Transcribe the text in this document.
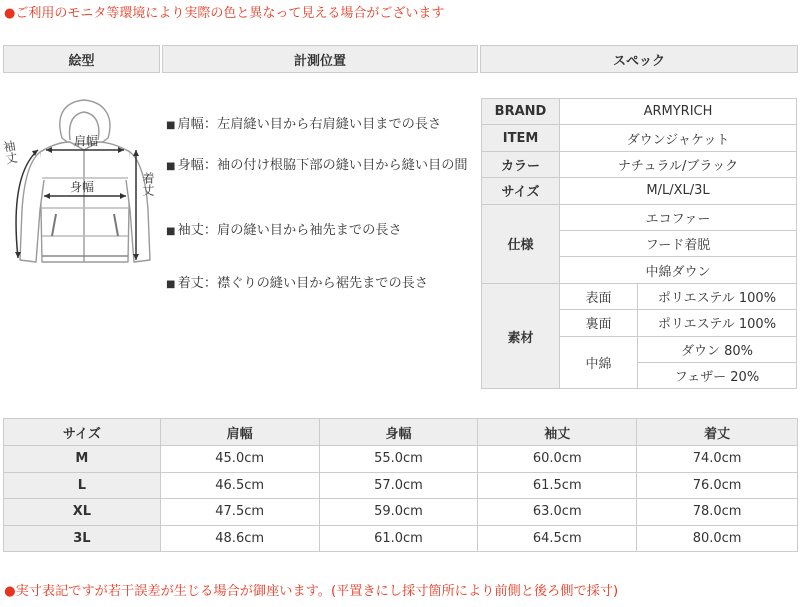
●ご利用のモニタ等環境により実際の色と異なって見える場合がございます
絵型	計測位置	スペック
肩幅
身幅
袖丈
着丈
■ 肩幅：左肩縫い目から右肩縫い目までの長さ
■ 身幅：袖の付け根脇下部の縫い目から縫い目の間
■ 袖丈：肩の縫い目から袖先までの長さ
■ 着丈：襟ぐりの縫い目から裾先までの長さ
BRAND	ARMYRICH	
ITEM	ダウンジャケット	
カラー	ナチュラル/ブラック	
サイズ	M/L/XL/3L	
仕様	エコファー	
	フード着脱	
	中綿ダウン	
素材	表面	ポリエステル 100%
	裏面	ポリエステル 100%
	中綿	ダウン 80%
		フェザー 20%
サイズ	肩幅	身幅	袖丈	着丈
M	45.0cm	55.0cm	60.0cm	74.0cm
L	46.5cm	57.0cm	61.5cm	76.0cm
XL	47.5cm	59.0cm	63.0cm	78.0cm
3L	48.6cm	61.0cm	64.5cm	80.0cm
●実寸表記ですが若干誤差が生じる場合が御座います。(平置きにし採寸箇所により前側と後ろ側で採寸)
